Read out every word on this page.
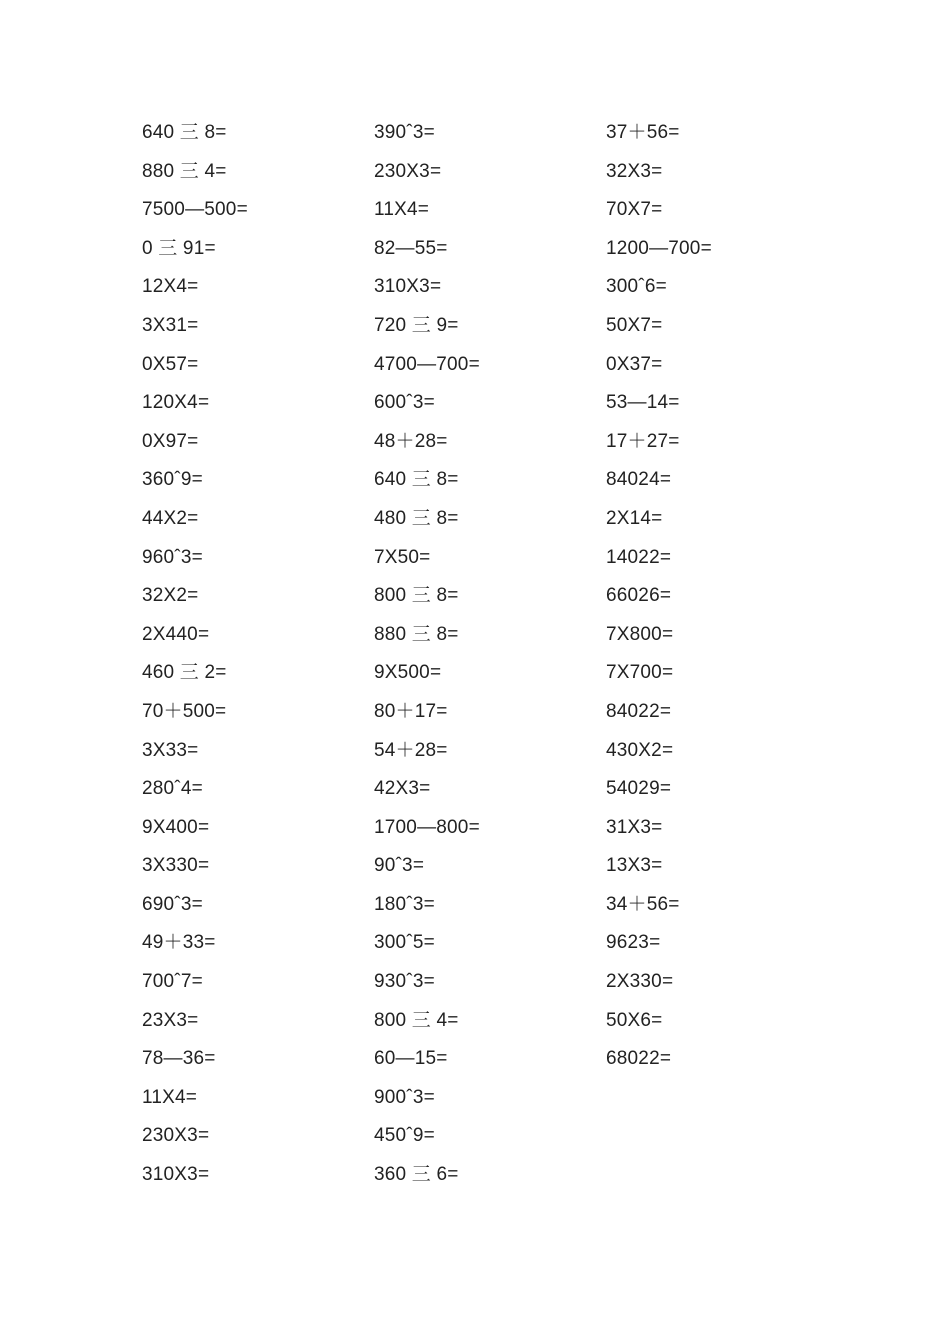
640 三 8=
880 三 4=
7500—500=
0 三 91=
12X4=
3X31=
0X57=
120X4=
0X97=
360ˆ9=
44X2=
960ˆ3=
32X2=
2X440=
460 三 2=
70＋500=
3X33=
280ˆ4=
9X400=
3X330=
690ˆ3=
49＋33=
700ˆ7=
23X3=
78—36=
11X4=
230X3=
310X3=
390ˆ3=
230X3=
11X4=
82—55=
310X3=
720 三 9=
4700—700=
600ˆ3=
48＋28=
640 三 8=
480 三 8=
7X50=
800 三 8=
880 三 8=
9X500=
80＋17=
54＋28=
42X3=
1700—800=
90ˆ3=
180ˆ3=
300ˆ5=
930ˆ3=
800 三 4=
60—15=
900ˆ3=
450ˆ9=
360 三 6=
37＋56=
32X3=
70X7=
1200—700=
300ˆ6=
50X7=
0X37=
53—14=
17＋27=
84024=
2X14=
14022=
66026=
7X800=
7X700=
84022=
430X2=
54029=
31X3=
13X3=
34＋56=
9623=
2X330=
50X6=
68022=
